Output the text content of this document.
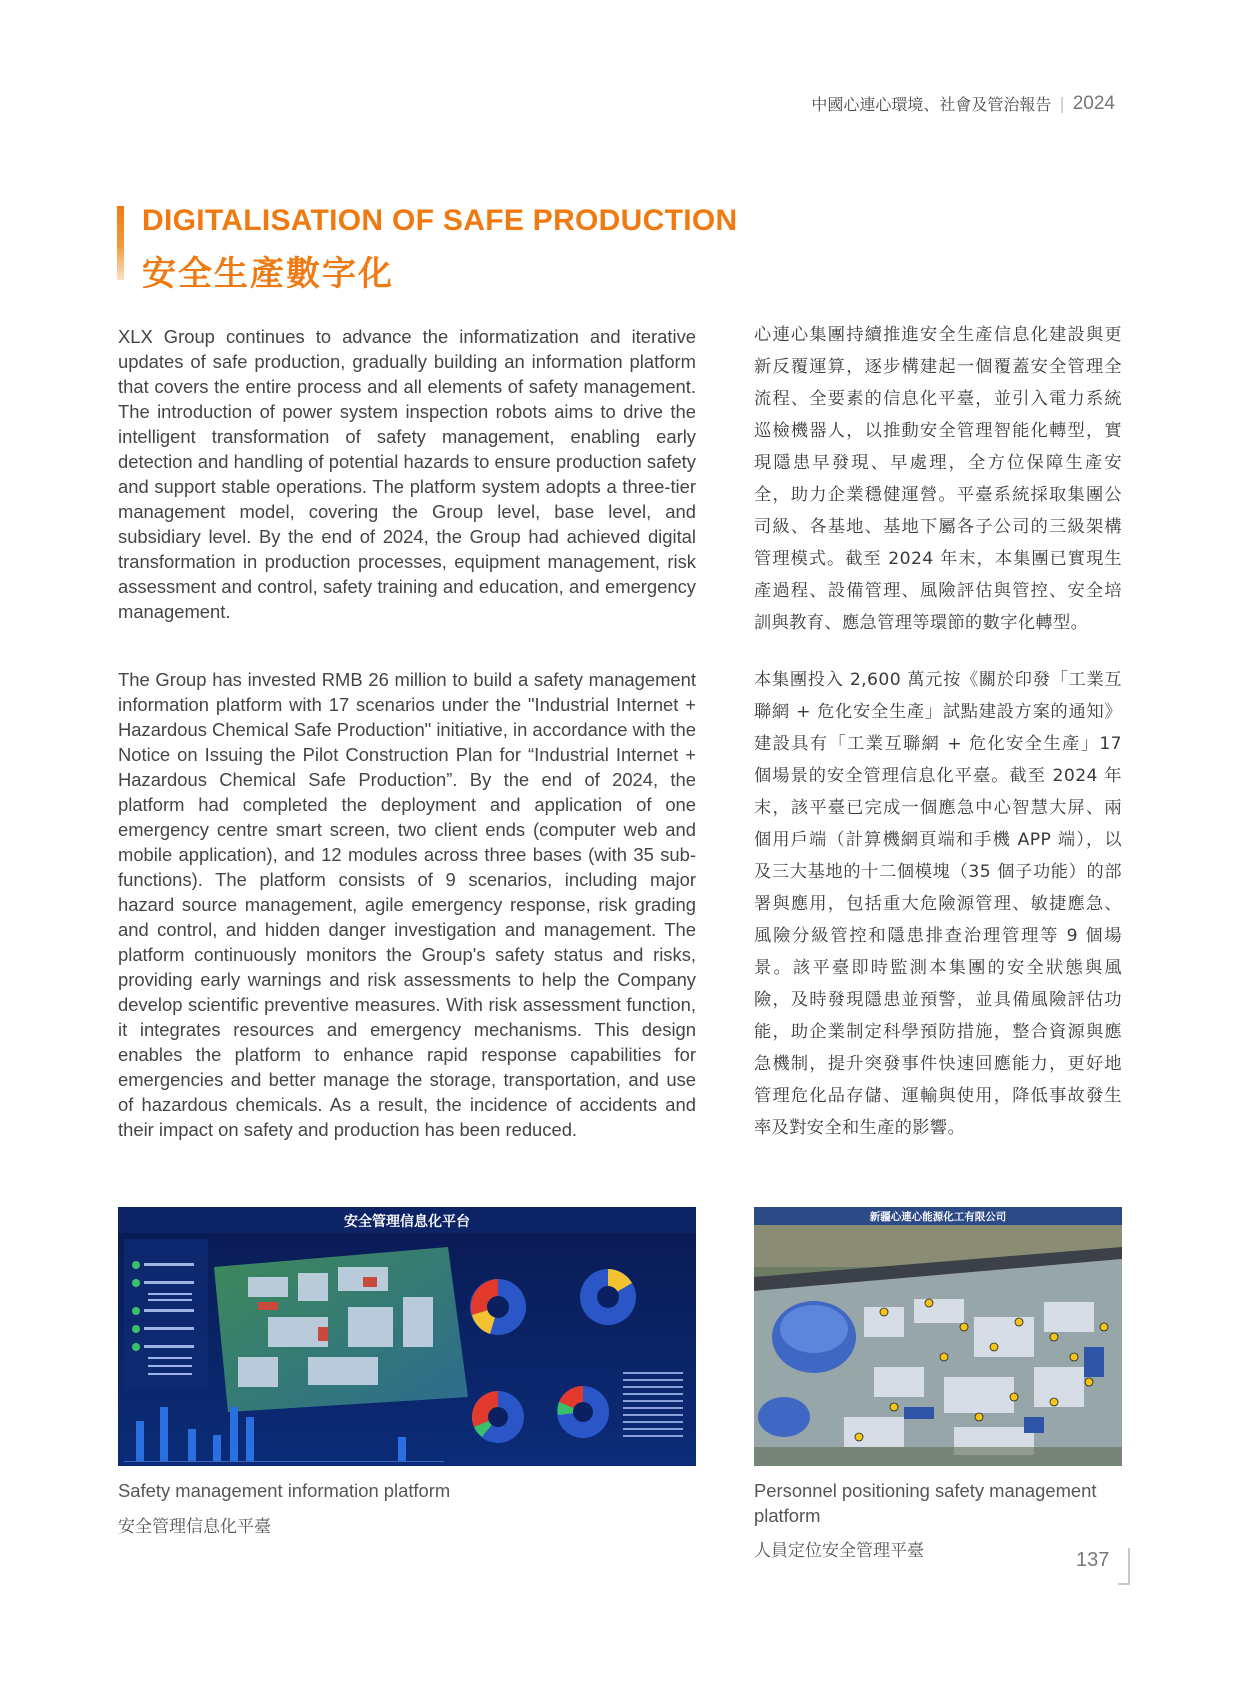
中國心連心環境、社會及管治報告 | 2024
DIGITALISATION OF SAFE PRODUCTION
安全生產數字化

XLX Group continues to advance the informatization and iterative updates of safe production, gradually building an information platform that covers the entire process and all elements of safety management. The introduction of power system inspection robots aims to drive the intelligent transformation of safety management, enabling early detection and handling of potential hazards to ensure production safety and support stable operations. The platform system adopts a three-tier management model, covering the Group level, base level, and subsidiary level. By the end of 2024, the Group had achieved digital transformation in production processes, equipment management, risk assessment and control, safety training and education, and emergency management.

The Group has invested RMB 26 million to build a safety management information platform with 17 scenarios under the "Industrial Internet + Hazardous Chemical Safe Production" initiative, in accordance with the Notice on Issuing the Pilot Construction Plan for “Industrial Internet + Hazardous Chemical Safe Production”. By the end of 2024, the platform had completed the deployment and application of one emergency centre smart screen, two client ends (computer web and mobile application), and 12 modules across three bases (with 35 sub-functions). The platform consists of 9 scenarios, including major hazard source management, agile emergency response, risk grading and control, and hidden danger investigation and management. The platform continuously monitors the Group's safety status and risks, providing early warnings and risk assessments to help the Company develop scientific preventive measures. With risk assessment function, it integrates resources and emergency mechanisms. This design enables the platform to enhance rapid response capabilities for emergencies and better manage the storage, transportation, and use of hazardous chemicals. As a result, the incidence of accidents and their impact on safety and production has been reduced.

心連心集團持續推進安全生產信息化建設與更新反覆運算，逐步構建起一個覆蓋安全管理全流程、全要素的信息化平臺，並引入電力系統巡檢機器人，以推動安全管理智能化轉型，實現隱患早發現、早處理，全方位保障生產安全，助力企業穩健運營。平臺系統採取集團公司級、各基地、基地下屬各子公司的三級架構管理模式。截至 2024 年末，本集團已實現生產過程、設備管理、風險評估與管控、安全培訓與教育、應急管理等環節的數字化轉型。

本集團投入 2,600 萬元按《關於印發「工業互聯網 + 危化安全生產」試點建設方案的通知》建設具有「工業互聯網 + 危化安全生產」17 個場景的安全管理信息化平臺。截至 2024 年末，該平臺已完成一個應急中心智慧大屏、兩個用戶端（計算機網頁端和手機 APP 端），以及三大基地的十二個模塊（35 個子功能）的部署與應用，包括重大危險源管理、敏捷應急、風險分級管控和隱患排查治理管理等 9 個場景。該平臺即時監測本集團的安全狀態與風險，及時發現隱患並預警，並具備風險評估功能，助企業制定科學預防措施，整合資源與應急機制，提升突發事件快速回應能力，更好地管理危化品存儲、運輸與使用，降低事故發生率及對安全和生產的影響。

安全管理信息化平台	新疆心連心能源化工有限公司
Safety management information platform
安全管理信息化平臺
Personnel positioning safety management platform
人員定位安全管理平臺	137
